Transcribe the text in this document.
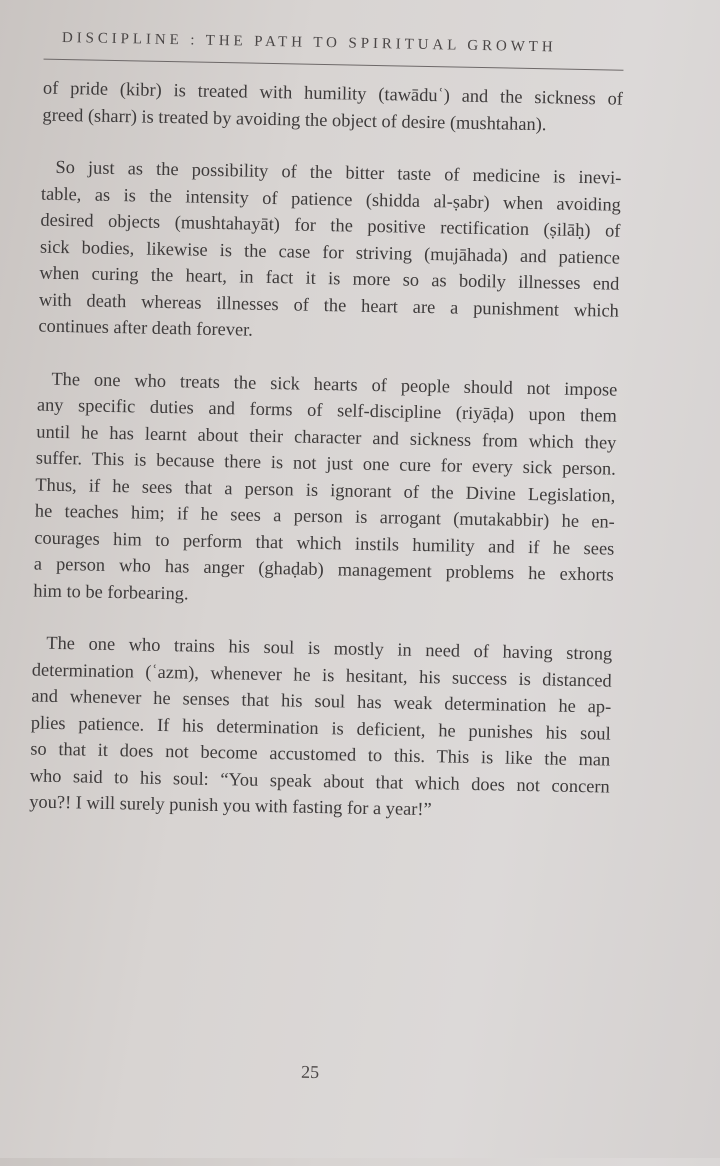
DISCIPLINE : THE PATH TO SPIRITUAL GROWTH
of pride (kibr) is treated with humility (tawāduʿ) and the sickness of
greed (sharr) is treated by avoiding the object of desire (mushtahan).
So just as the possibility of the bitter taste of medicine is inevi-
table, as is the intensity of patience (shidda al-ṣabr) when avoiding
desired objects (mushtahayāt) for the positive rectification (ṣilāḥ) of
sick bodies, likewise is the case for striving (mujāhada) and patience
when curing the heart, in fact it is more so as bodily illnesses end
with death whereas illnesses of the heart are a punishment which
continues after death forever.
The one who treats the sick hearts of people should not impose
any specific duties and forms of self-discipline (riyāḍa) upon them
until he has learnt about their character and sickness from which they
suffer. This is because there is not just one cure for every sick person.
Thus, if he sees that a person is ignorant of the Divine Legislation,
he teaches him; if he sees a person is arrogant (mutakabbir) he en-
courages him to perform that which instils humility and if he sees
a person who has anger (ghaḍab) management problems he exhorts
him to be forbearing.
The one who trains his soul is mostly in need of having strong
determination (ʿazm), whenever he is hesitant, his success is distanced
and whenever he senses that his soul has weak determination he ap-
plies patience. If his determination is deficient, he punishes his soul
so that it does not become accustomed to this. This is like the man
who said to his soul: “You speak about that which does not concern
you?! I will surely punish you with fasting for a year!”
25
